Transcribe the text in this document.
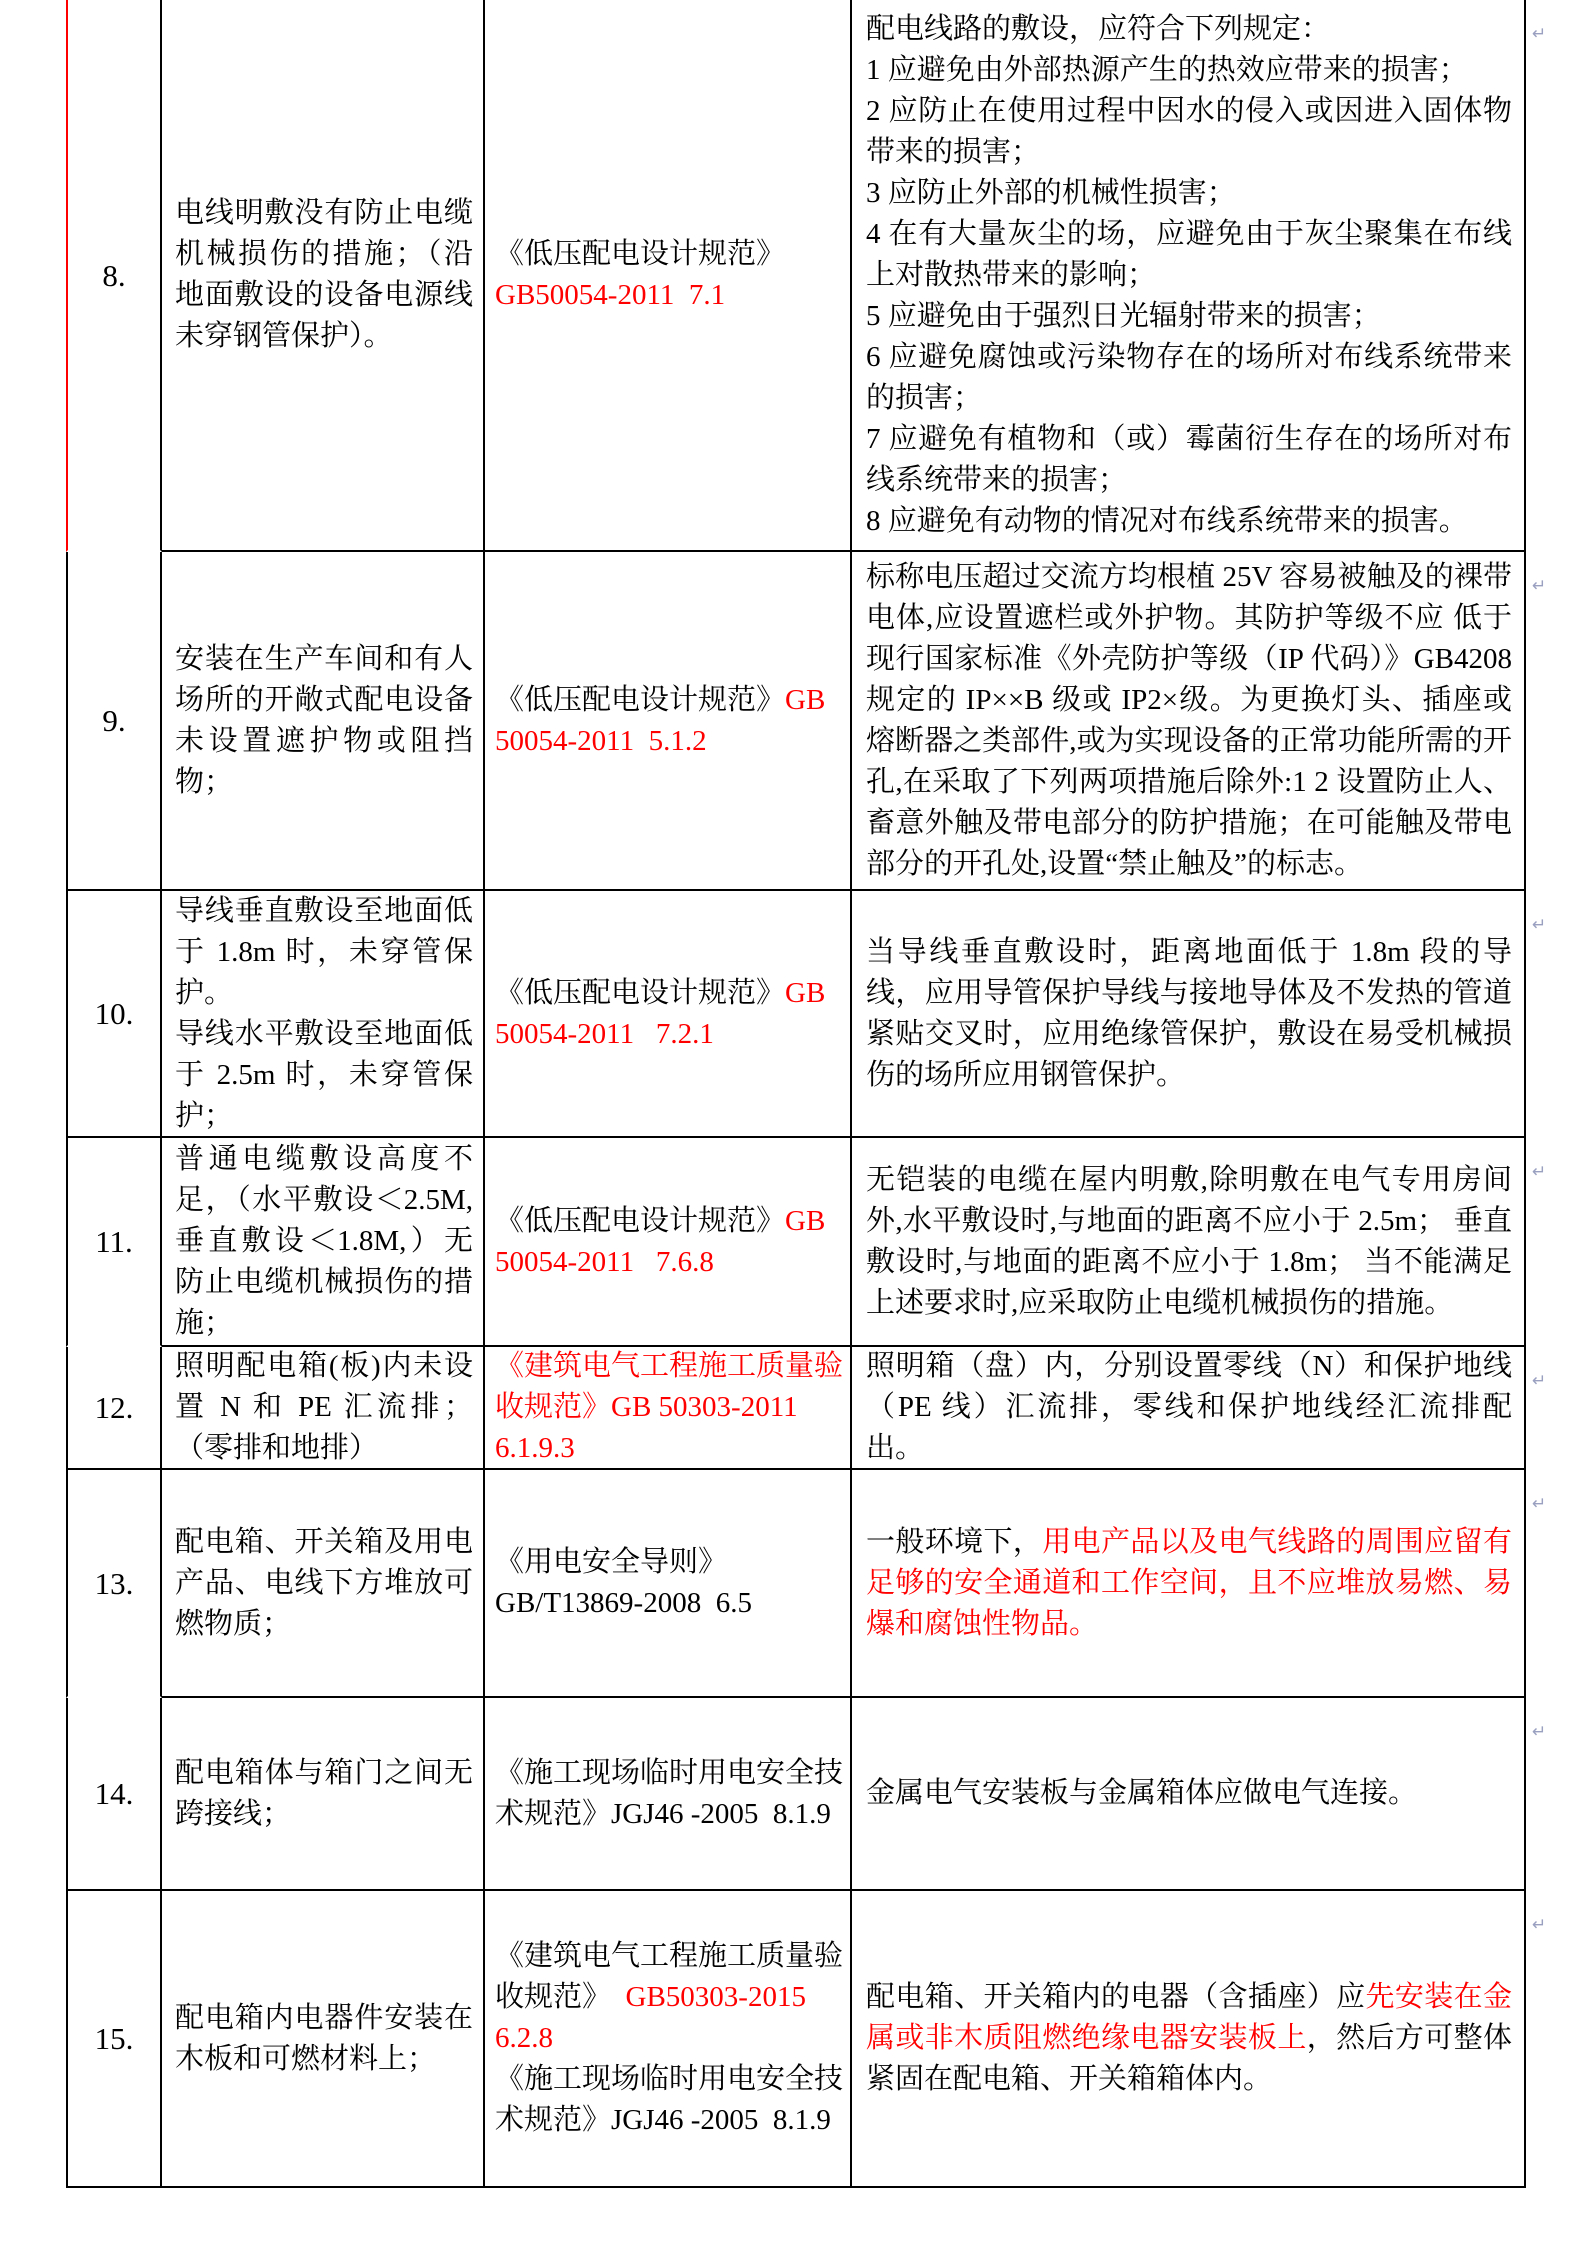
8.

电线明敷没有防止电缆机械损伤的措施；（沿地面敷设的设备电源线未穿钢管保护）。

《低压配电设计规范》
GB50054-2011  7.1

配电线路的敷设，应符合下列规定：

1 应避免由外部热源产生的热效应带来的损害；

2 应防止在使用过程中因水的侵入或因进入固体物带来的损害；

3 应防止外部的机械性损害；

4 在有大量灰尘的场，应避免由于灰尘聚集在布线上对散热带来的影响；

5 应避免由于强烈日光辐射带来的损害；

6 应避免腐蚀或污染物存在的场所对布线系统带来的损害；

7 应避免有植物和（或）霉菌衍生存在的场所对布线系统带来的损害；

8 应避免有动物的情况对布线系统带来的损害。

9.

安装在生产车间和有人场所的开敞式配电设备未设置遮护物或阻挡物；

《低压配电设计规范》GB
50054-2011  5.1.2

标称电压超过交流方均根植 25V 容易被触及的裸带电体,应设置遮栏或外护物。其防护等级不应 低于现行国家标准《外壳防护等级（IP 代码）》GB4208 规定的 IP××B 级或 IP2×级。为更换灯头、插座或熔断器之类部件,或为实现设备的正常功能所需的开孔,在采取了下列两项措施后除外:1 2 设置防止人、畜意外触及带电部分的防护措施；在可能触及带电部分的开孔处,设置“禁止触及”的标志。

10.

导线垂直敷设至地面低于 1.8m 时，未穿管保护。

导线水平敷设至地面低于 2.5m 时，未穿管保护；

《低压配电设计规范》GB
50054-2011   7.2.1

当导线垂直敷设时，距离地面低于 1.8m 段的导线，应用导管保护导线与接地导体及不发热的管道紧贴交叉时，应用绝缘管保护，敷设在易受机械损伤的场所应用钢管保护。

11.

普通电缆敷设高度不足，（水平敷设＜2.5M, 垂直敷设＜1.8M,）无防止电缆机械损伤的措施；

《低压配电设计规范》GB
50054-2011   7.6.8

无铠装的电缆在屋内明敷,除明敷在电气专用房间外,水平敷设时,与地面的距离不应小于 2.5m； 垂直敷设时,与地面的距离不应小于 1.8m； 当不能满足上述要求时,应采取防止电缆机械损伤的措施。

12.

照明配电箱(板)内未设置 N 和 PE 汇流排；（零排和地排）

《建筑电气工程施工质量验
收规范》GB 50303-2011
6.1.9.3

照明箱（盘）内，分别设置零线（N）和保护地线（PE 线）汇流排，零线和保护地线经汇流排配出。

13.

配电箱、开关箱及用电产品、电线下方堆放可燃物质；

《用电安全导则》
GB/T13869-2008  6.5

一般环境下，用电产品以及电气线路的周围应留有足够的安全通道和工作空间，且不应堆放易燃、易爆和腐蚀性物品。

14.

配电箱体与箱门之间无跨接线；

《施工现场临时用电安全技
术规范》JGJ46 -2005  8.1.9

金属电气安装板与金属箱体应做电气连接。

15.

配电箱内电器件安装在木板和可燃材料上；

《建筑电气工程施工质量验
收规范》  GB50303-2015
6.2.8
《施工现场临时用电安全技
术规范》JGJ46 -2005  8.1.9

配电箱、开关箱内的电器（含插座）应先安装在金属或非木质阻燃绝缘电器安装板上，然后方可整体紧固在配电箱、开关箱箱体内。

↵
↵
↵
↵
↵
↵
↵
↵
